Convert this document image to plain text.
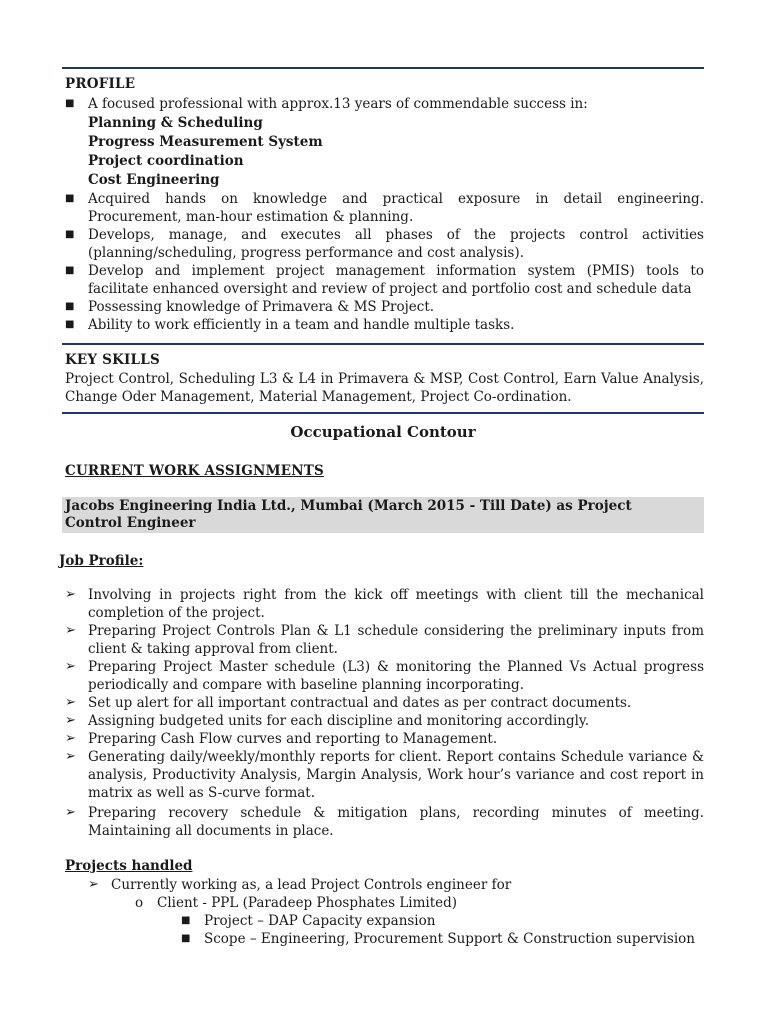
PROFILE
■ A focused professional with approx.13 years of commendable success in:
Planning & Scheduling
Progress Measurement System
Project coordination
Cost Engineering
■ Acquired hands on knowledge and practical exposure in detail engineering. Procurement, man-hour estimation & planning.
■ Develops, manage, and executes all phases of the projects control activities (planning/scheduling, progress performance and cost analysis).
■ Develop and implement project management information system (PMIS) tools to facilitate enhanced oversight and review of project and portfolio cost and schedule data
■ Possessing knowledge of Primavera & MS Project.
■ Ability to work efficiently in a team and handle multiple tasks.
KEY SKILLS
Project Control, Scheduling L3 & L4 in Primavera & MSP, Cost Control, Earn Value Analysis, Change Oder Management, Material Management, Project Co-ordination.
Occupational Contour
CURRENT WORK ASSIGNMENTS
Jacobs Engineering India Ltd., Mumbai (March 2015 - Till Date) as Project Control Engineer
Job Profile:
➢ Involving in projects right from the kick off meetings with client till the mechanical completion of the project.
➢ Preparing Project Controls Plan & L1 schedule considering the preliminary inputs from client & taking approval from client.
➢ Preparing Project Master schedule (L3) & monitoring the Planned Vs Actual progress periodically and compare with baseline planning incorporating.
➢ Set up alert for all important contractual and dates as per contract documents.
➢ Assigning budgeted units for each discipline and monitoring accordingly.
➢ Preparing Cash Flow curves and reporting to Management.
➢ Generating daily/weekly/monthly reports for client. Report contains Schedule variance & analysis, Productivity Analysis, Margin Analysis, Work hour’s variance and cost report in matrix as well as S-curve format.
➢ Preparing recovery schedule & mitigation plans, recording minutes of meeting. Maintaining all documents in place.
Projects handled
➢ Currently working as, a lead Project Controls engineer for
o Client - PPL (Paradeep Phosphates Limited)
■ Project – DAP Capacity expansion
■ Scope – Engineering, Procurement Support & Construction supervision
